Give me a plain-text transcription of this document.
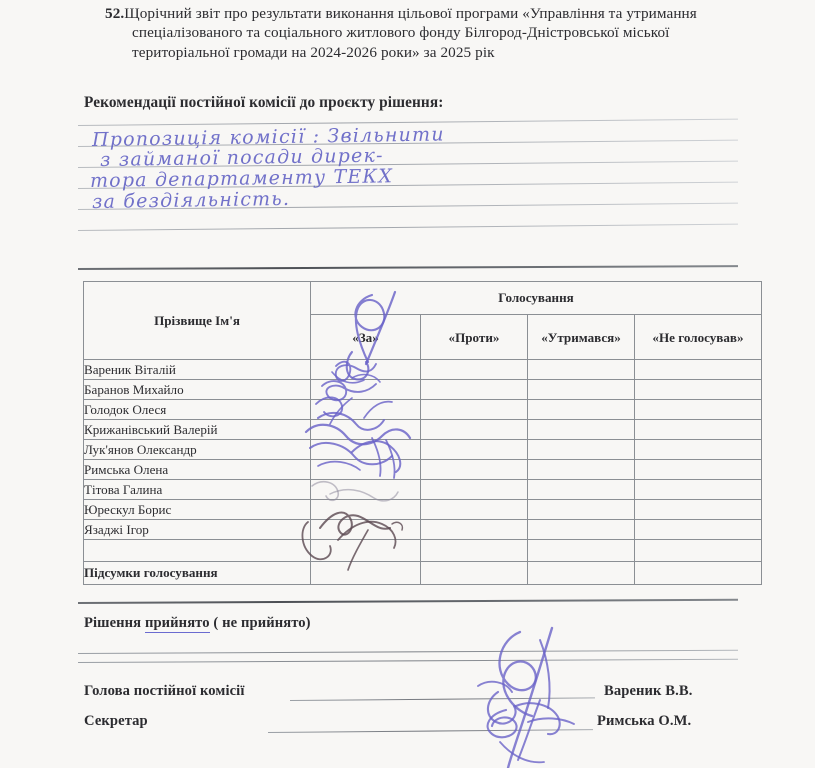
52.Щорічний звіт про результати виконання цільової програми «Управління та утримання спеціалізованого та соціального житлового фонду Білгород-Дністровської міської територіальної громади на 2024-2026 роки» за 2025 рік
Рекомендації постійної комісії до проєкту рішення:
Пропозиція комісії : Звільнити
з займаної посади дирек-
тора департаменту ТЕКХ
за бездіяльність.
Прізвище Ім'я	Голосування			
	«За»	«Проти»	«Утримався»	«Не голосував»
Вареник Віталій				
Баранов Михайло				
Голодок Олеся				
Крижанівський Валерій				
Лук'янов Олександр				
Римська Олена				
Тітова Галина				
Юрескул Борис				
Язаджі Ігор				

Підсумки голосування				
Рішення прийнято ( не прийнято)
Голова постійної комісії
Секретар
Вареник В.В.
Римська О.М.
